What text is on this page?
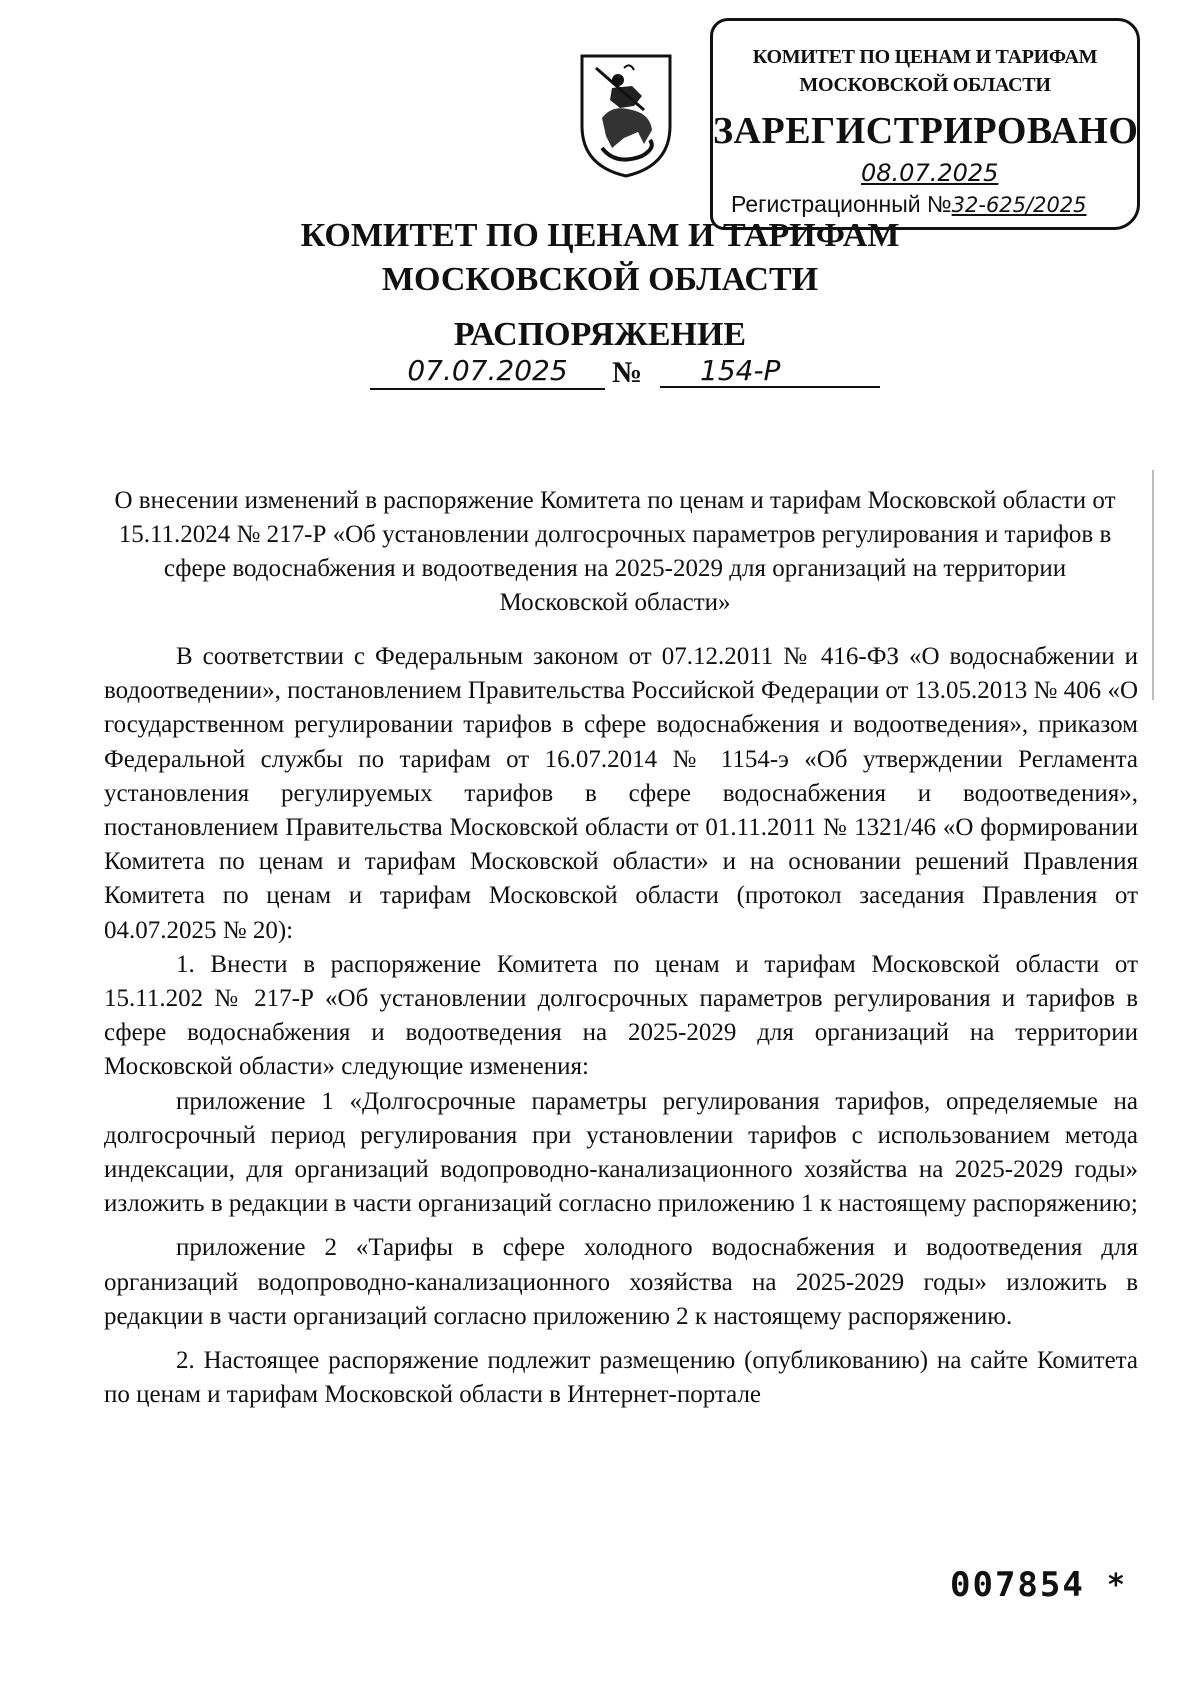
КОМИТЕТ ПО ЦЕНАМ И ТАРИФАМ
МОСКОВСКОЙ ОБЛАСТИ
ЗАРЕГИСТРИРОВАНО
08.07.2025
Регистрационный №32-625/2025
КОМИТЕТ ПО ЦЕНАМ И ТАРИФАМ
МОСКОВСКОЙ ОБЛАСТИ
РАСПОРЯЖЕНИЕ
07.07.2025	№	154-Р
О внесении изменений в распоряжение Комитета по ценам и тарифам Московской области от 15.11.2024 № 217-Р «Об установлении долгосрочных параметров регулирования и тарифов в сфере водоснабжения и водоотведения на 2025-2029 для организаций на территории Московской области»

В соответствии с Федеральным законом от 07.12.2011 № 416-ФЗ «О водоснабжении и водоотведении», постановлением Правительства Российской Федерации от 13.05.2013 № 406 «О государственном регулировании тарифов в сфере водоснабжения и водоотведения», приказом Федеральной службы по тарифам от 16.07.2014 № 1154-э «Об утверждении Регламента установления регулируемых тарифов в сфере водоснабжения и водоотведения», постановлением Правительства Московской области от 01.11.2011 № 1321/46 «О формировании Комитета по ценам и тарифам Московской области» и на основании решений Правления Комитета по ценам и тарифам Московской области (протокол заседания Правления от 04.07.2025 № 20):

1. Внести в распоряжение Комитета по ценам и тарифам Московской области от 15.11.202 № 217-Р «Об установлении долгосрочных параметров регулирования и тарифов в сфере водоснабжения и водоотведения на 2025-2029 для организаций на территории Московской области» следующие изменения:

приложение 1 «Долгосрочные параметры регулирования тарифов, определяемые на долгосрочный период регулирования при установлении тарифов с использованием метода индексации, для организаций водопроводно-канализационного хозяйства на 2025-2029 годы» изложить в редакции в части организаций согласно приложению 1 к настоящему распоряжению;

приложение 2 «Тарифы в сфере холодного водоснабжения и водоотведения для организаций водопроводно-канализационного хозяйства на 2025-2029 годы» изложить в редакции в части организаций согласно приложению 2 к настоящему распоряжению.

2. Настоящее распоряжение подлежит размещению (опубликованию) на сайте Комитета по ценам и тарифам Московской области в Интернет-портале

007854 *
